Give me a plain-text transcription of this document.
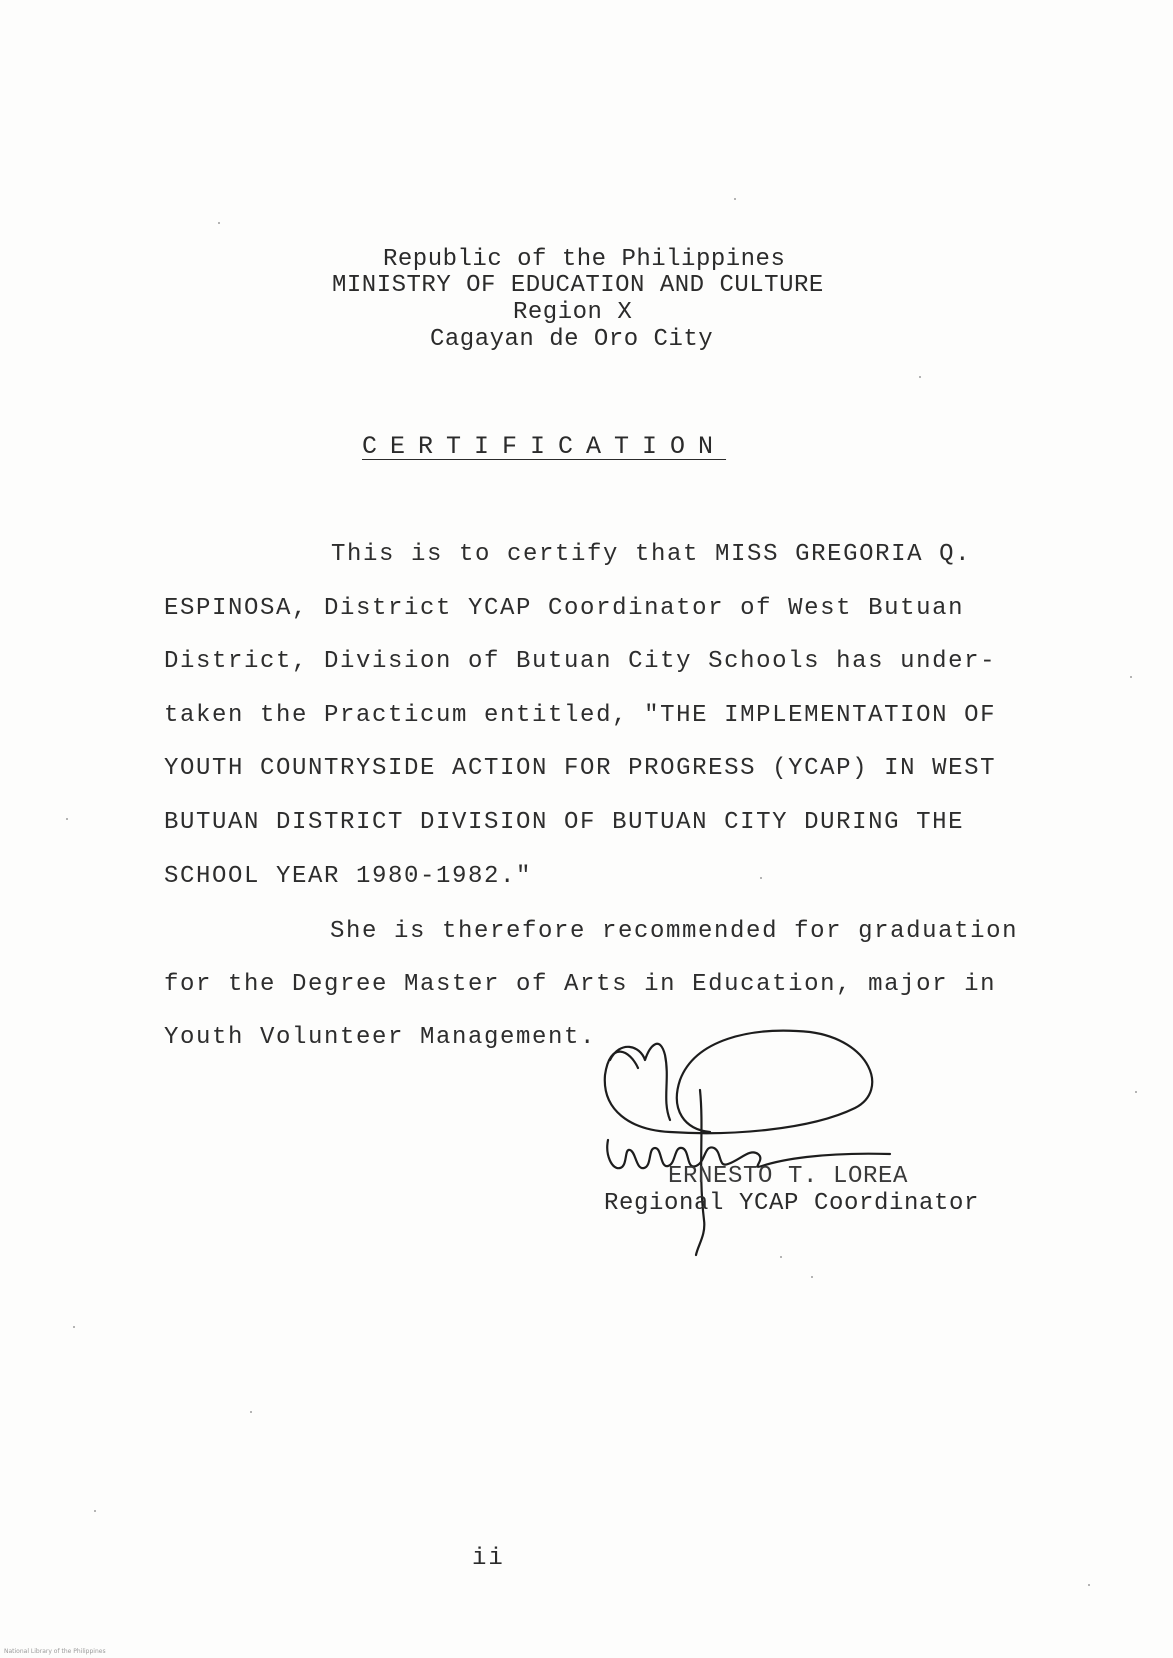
Republic of the Philippines
MINISTRY OF EDUCATION AND CULTURE
Region X
Cagayan de Oro City
CERTIFICATION
This is to certify that MISS GREGORIA Q.
ESPINOSA, District YCAP Coordinator of West Butuan
District, Division of Butuan City Schools has under-
taken the Practicum entitled, "THE IMPLEMENTATION OF
YOUTH COUNTRYSIDE ACTION FOR PROGRESS (YCAP) IN WEST
BUTUAN DISTRICT DIVISION OF BUTUAN CITY DURING THE
SCHOOL YEAR 1980-1982."
She is therefore recommended for graduation
for the Degree Master of Arts in Education, major in
Youth Volunteer Management.
ERNESTO T. LOREA
Regional YCAP Coordinator
ii
National Library of the Philippines
